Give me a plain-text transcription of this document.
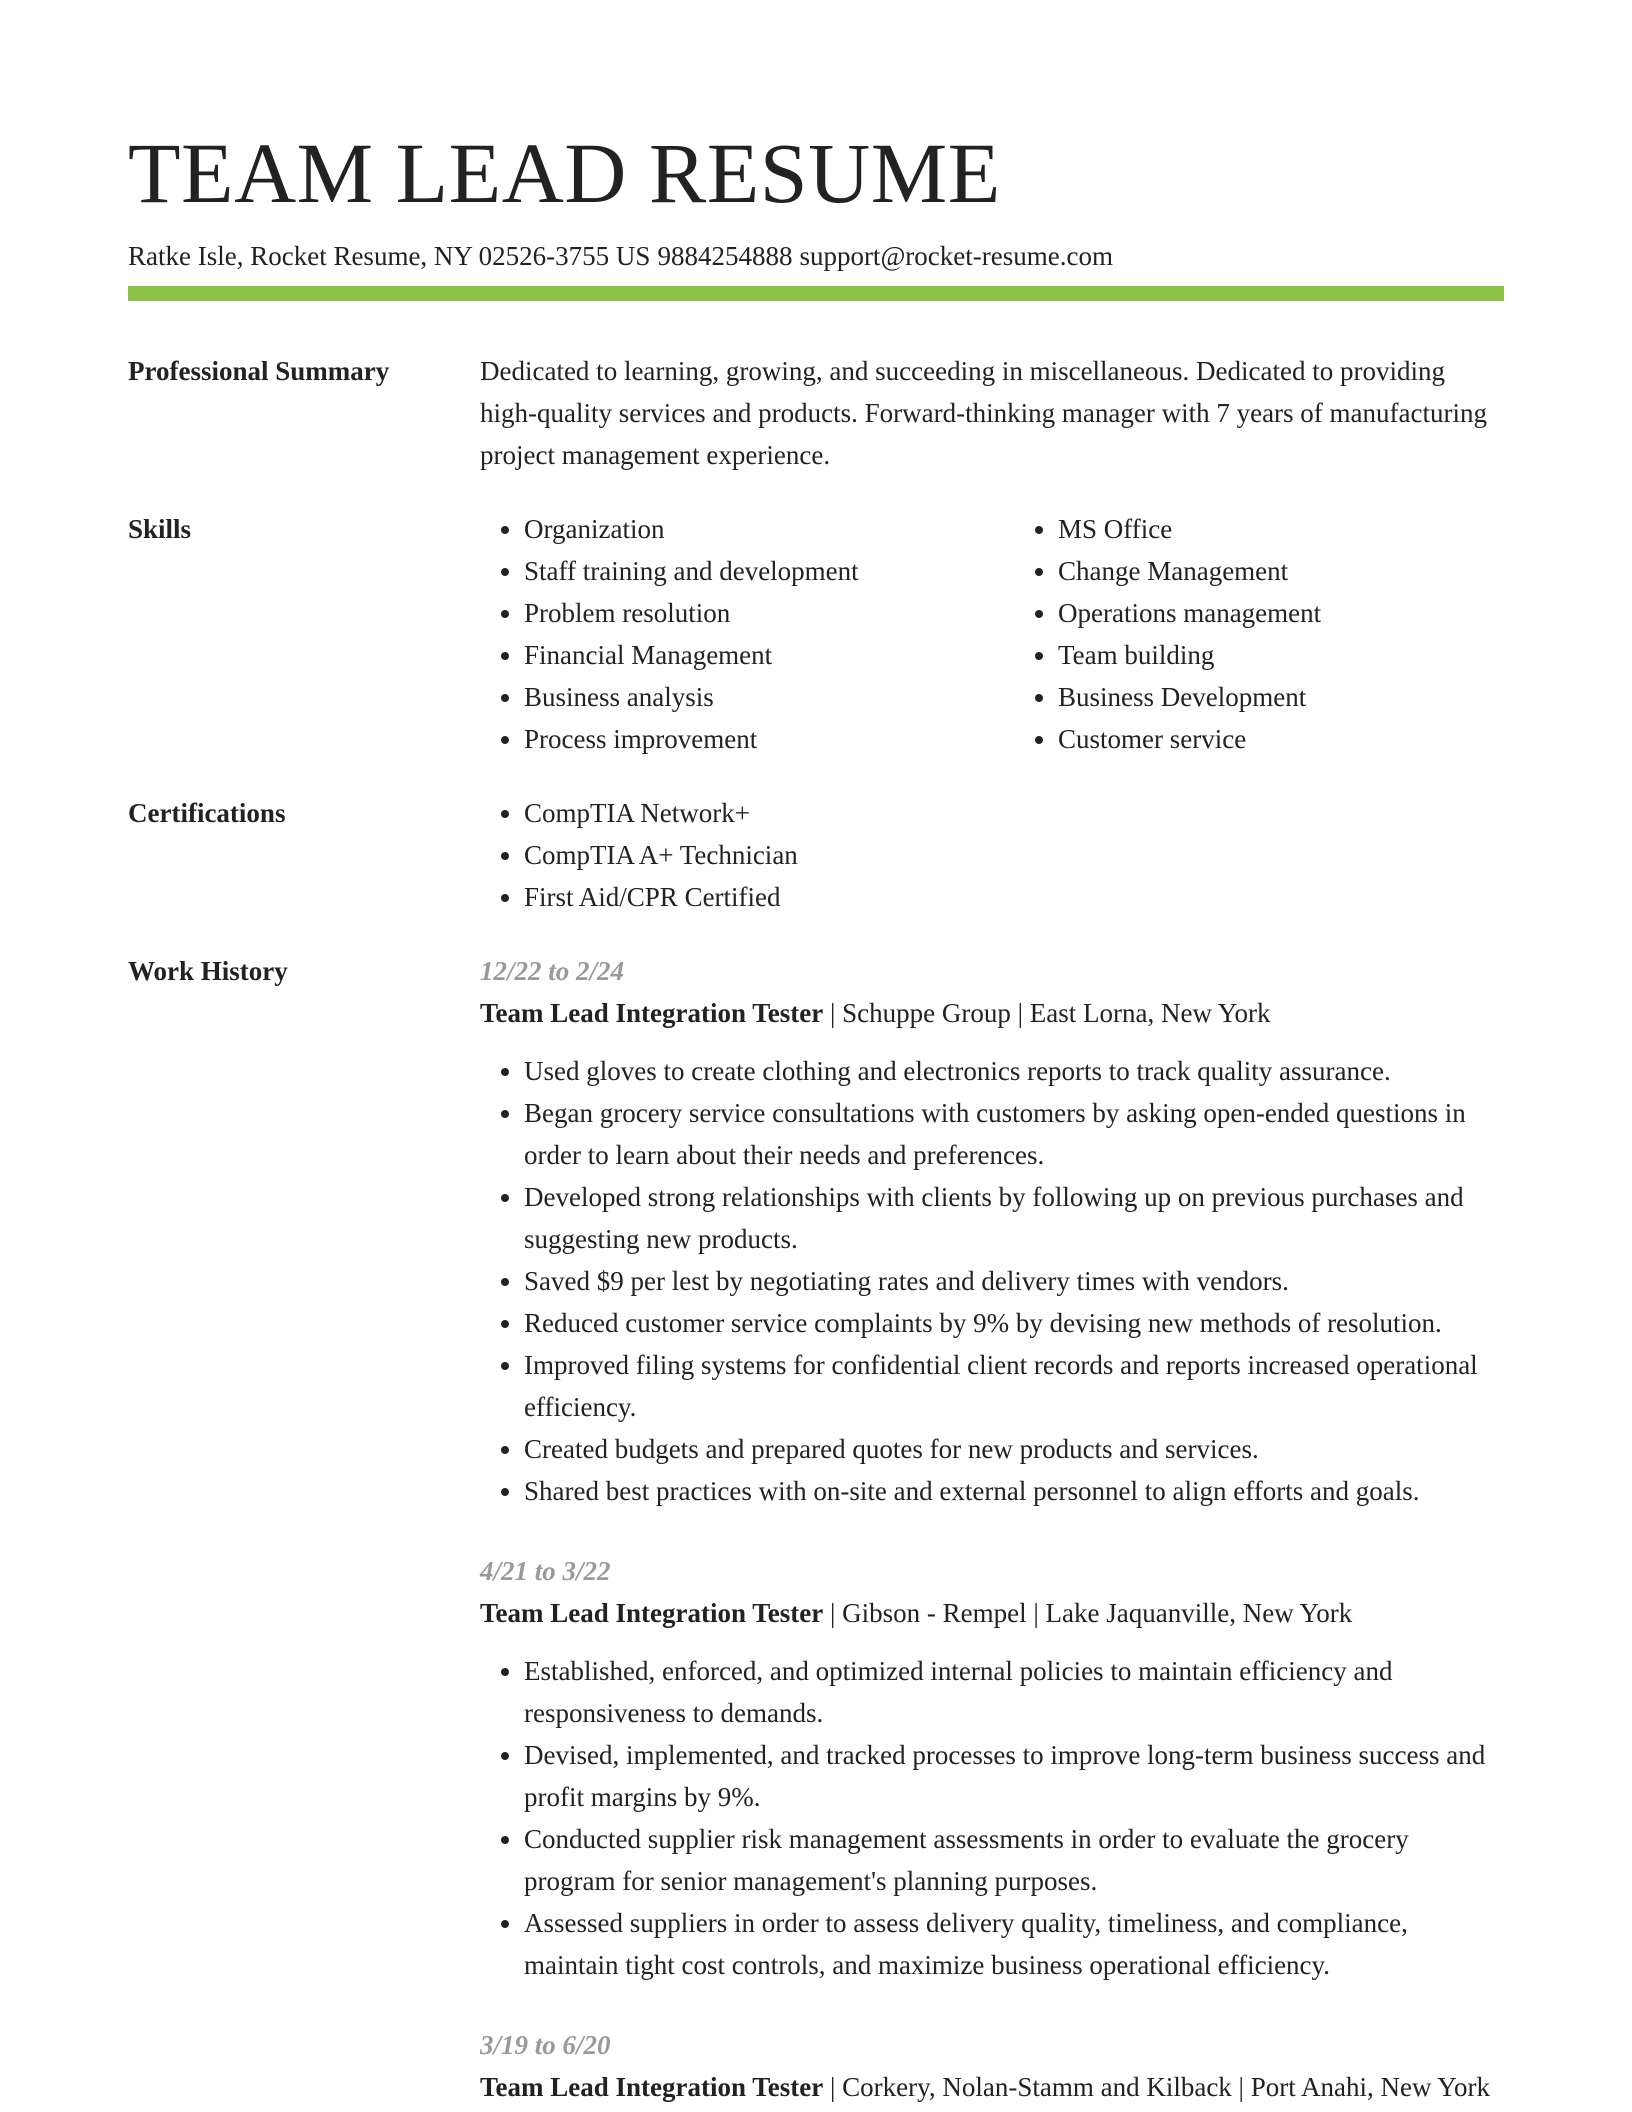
TEAM LEAD RESUME
Ratke Isle, Rocket Resume, NY 02526-3755 US 9884254888 support@rocket-resume.com
Professional Summary	Dedicated to learning, growing, and succeeding in miscellaneous. Dedicated to providing high-quality services and products. Forward-thinking manager with 7 years of manufacturing project management experience.

Skills	• Organization
• Staff training and development
• Problem resolution
• Financial Management
• Business analysis
• Process improvement
• MS Office
• Change Management
• Operations management
• Team building
• Business Development
• Customer service
Certifications	• CompTIA Network+
• CompTIA A+ Technician
• First Aid/CPR Certified
Work History	12/22 to 2/24
Team Lead Integration Tester | Schuppe Group | East Lorna, New York
• Used gloves to create clothing and electronics reports to track quality assurance.
• Began grocery service consultations with customers by asking open-ended questions in order to learn about their needs and preferences.
• Developed strong relationships with clients by following up on previous purchases and suggesting new products.
• Saved $9 per lest by negotiating rates and delivery times with vendors.
• Reduced customer service complaints by 9% by devising new methods of resolution.
• Improved filing systems for confidential client records and reports increased operational efficiency.
• Created budgets and prepared quotes for new products and services.
• Shared best practices with on-site and external personnel to align efforts and goals.
4/21 to 3/22
Team Lead Integration Tester | Gibson - Rempel | Lake Jaquanville, New York
• Established, enforced, and optimized internal policies to maintain efficiency and responsiveness to demands.
• Devised, implemented, and tracked processes to improve long-term business success and profit margins by 9%.
• Conducted supplier risk management assessments in order to evaluate the grocery program for senior management's planning purposes.
• Assessed suppliers in order to assess delivery quality, timeliness, and compliance, maintain tight cost controls, and maximize business operational efficiency.
3/19 to 6/20
Team Lead Integration Tester | Corkery, Nolan-Stamm and Kilback | Port Anahi, New York
